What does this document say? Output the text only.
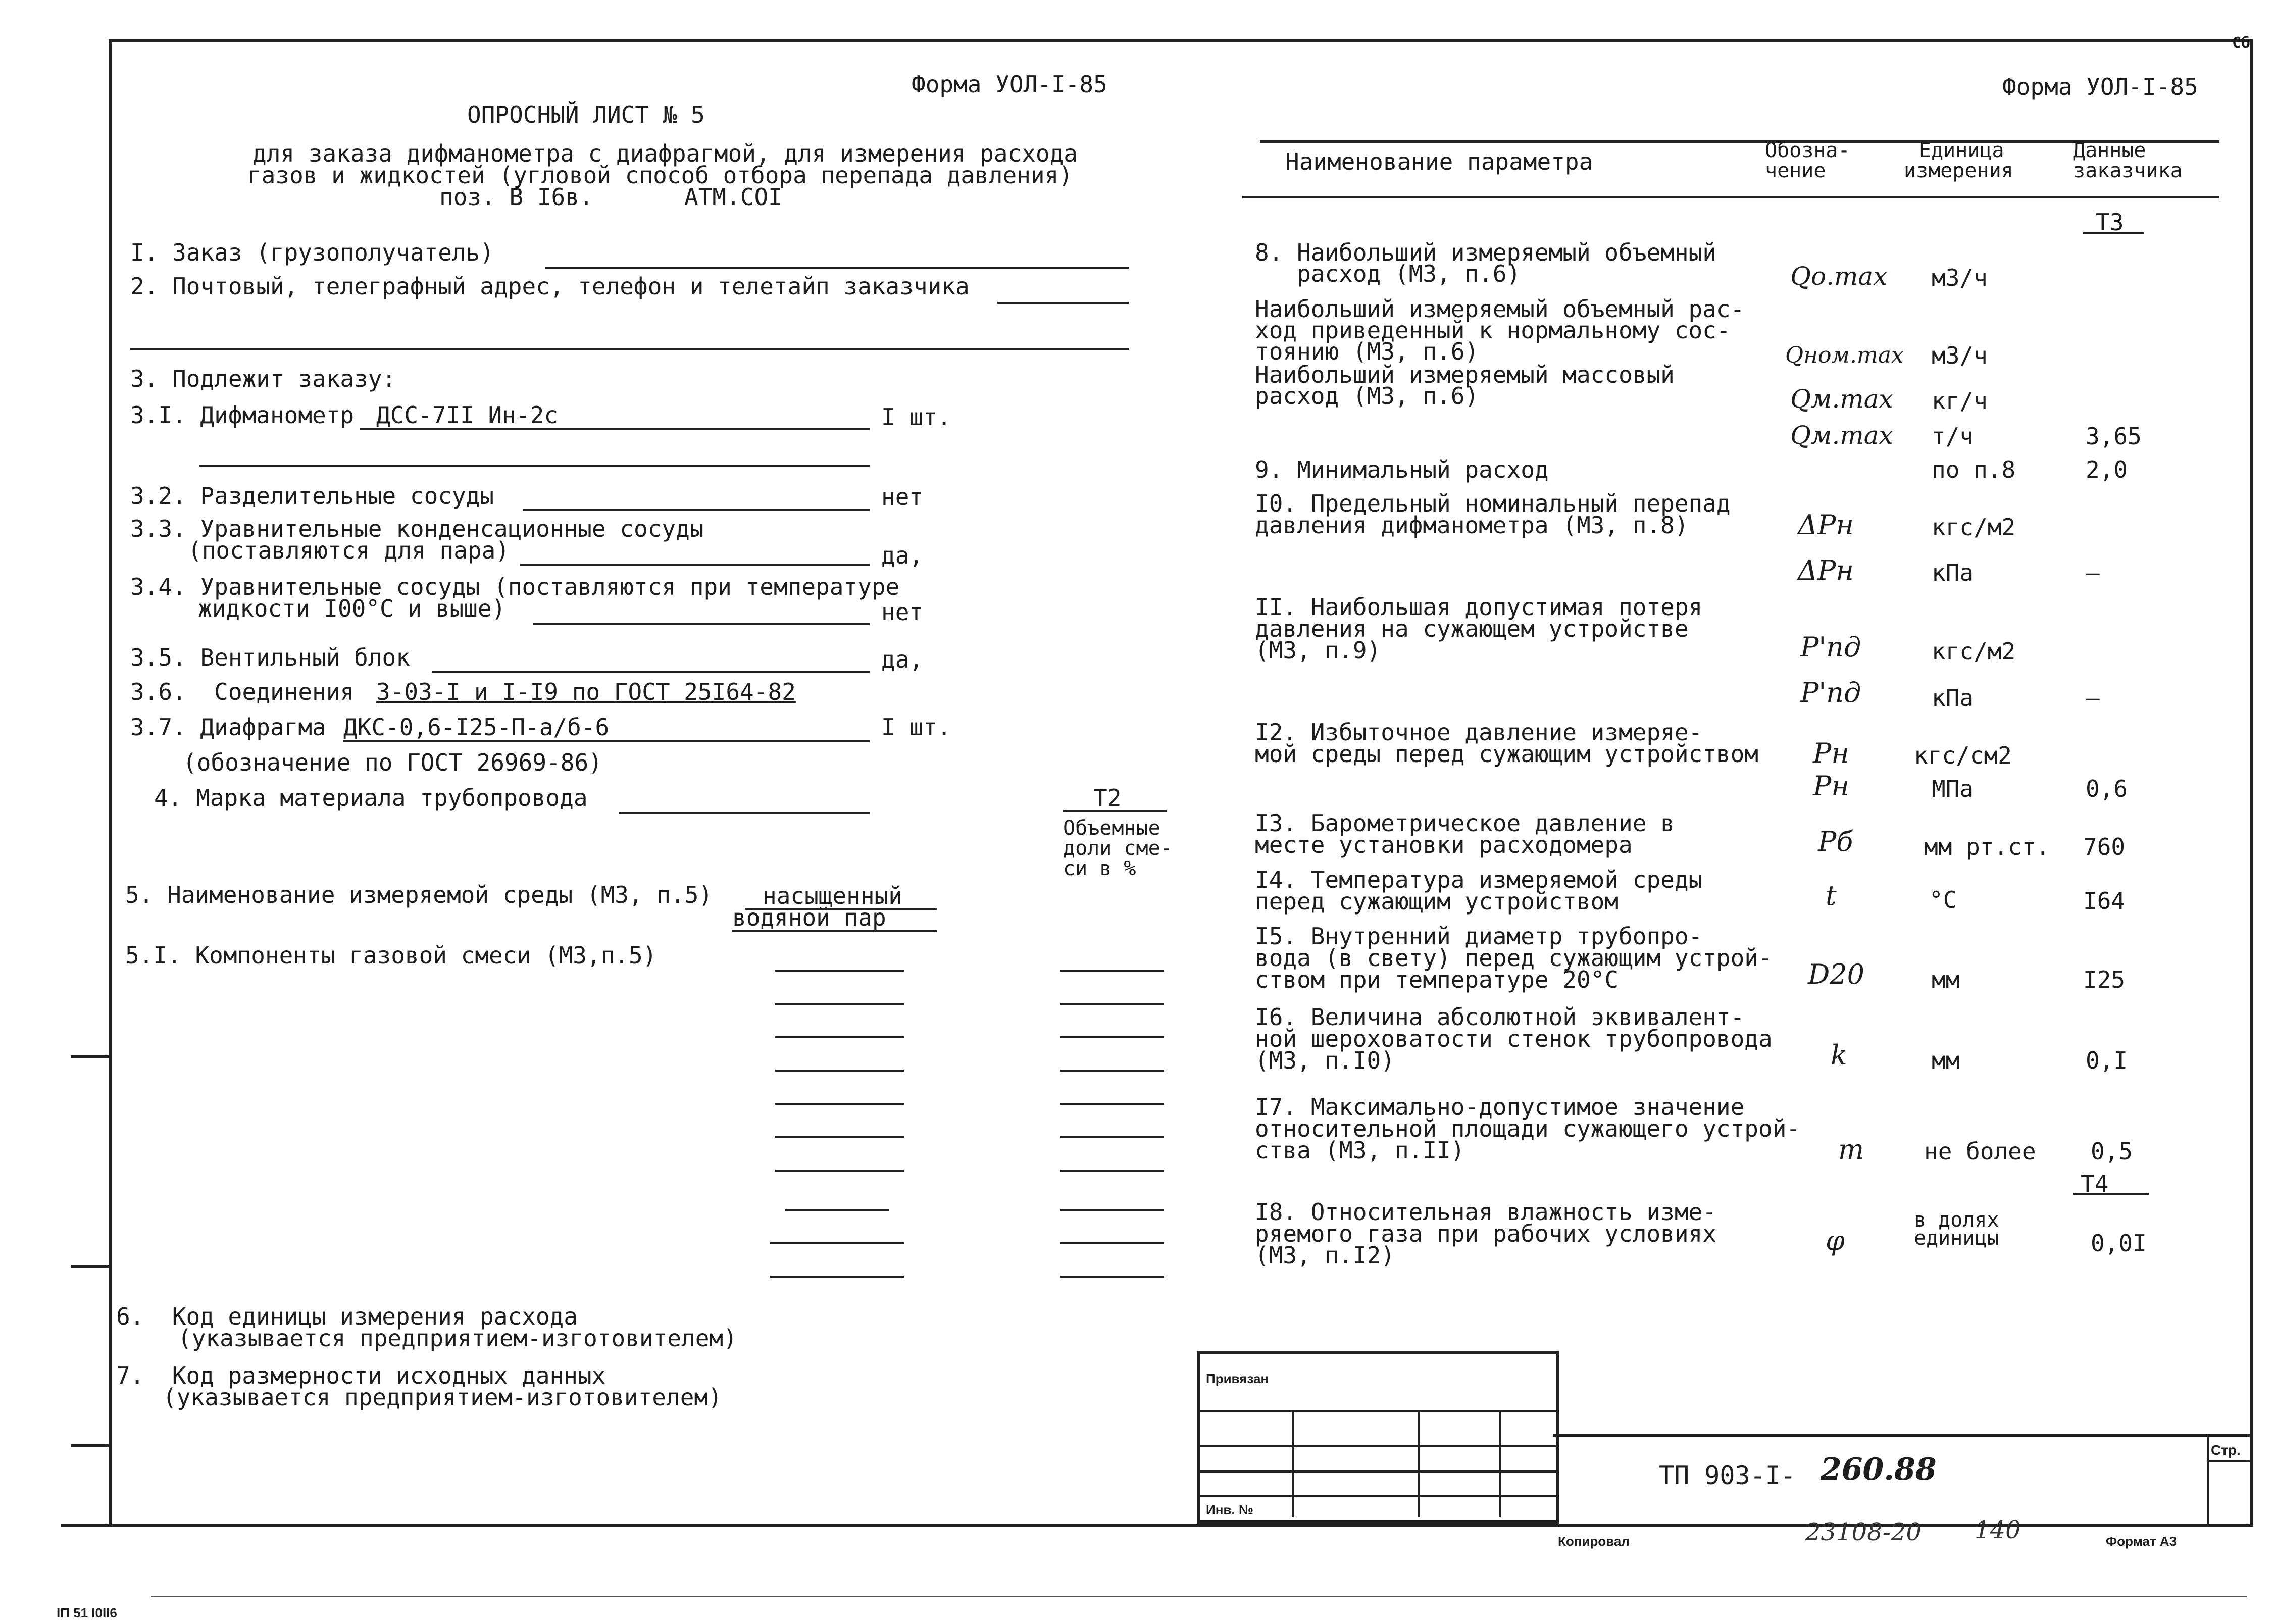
Сб
Форма УОЛ-I-85
ОПРОСНЫЙ ЛИСТ № 5
для заказа дифманометра с диафрагмой, для измерения расхода
газов и жидкостей (угловой способ отбора перепада давления)
поз. В I6в.	АТМ.СОI
I. Заказ (грузополучатель)
2. Почтовый, телеграфный адрес, телефон и телетайп заказчика
3. Подлежит заказу:
3.I. Дифманометр ДСС-7II Ин-2с	I шт.
3.2. Разделительные сосуды	нет
3.3. Уравнительные конденсационные сосуды
(поставляются для пара)	да,
3.4. Уравнительные сосуды (поставляются при температуре
жидкости I00°С и выше)	нет
3.5. Вентильный блок	да,
3.6.  Соединения 3-03-I и I-I9 по ГОСТ 25I64-82
3.7. Диафрагма ДКС-0,6-I25-П-а/б-6	I шт.
(обозначение по ГОСТ 26969-86)
4. Марка материала трубопровода	Т2
Объемные
доли сме-
си в %
5. Наименование измеряемой среды (МЗ, п.5) насыщенный
водяной пар
5.I. Компоненты газовой смеси (МЗ,п.5)
6.  Код единицы измерения расхода
(указывается предприятием-изготовителем)
7.  Код размерности исходных данных
(указывается предприятием-изготовителем)
Форма УОЛ-I-85
Наименование параметра	Обозна-
чение
Единица
измерения
Данные
заказчика
Т3
8. Наибольший измеряемый объемный
расход (МЗ, п.6)	Qо.max м3/ч
Наибольший измеряемый объемный рас-
ход приведенный к нормальному сос-
тоянию (МЗ, п.6)	Qном.max м3/ч
Наибольший измеряемый массовый
расход (МЗ, п.6)	Qм.max кг/ч
Qм.max т/ч	3,65
9. Минимальный расход	по п.8	2,0
I0. Предельный номинальный перепад
давления дифманометра (МЗ, п.8)	ΔPн	кгс/м2
ΔPн	кПа	–
II. Наибольшая допустимая потеря
давления на сужающем устройстве
(МЗ, п.9)	P'пд	кгс/м2
P'пд	кПа	–
I2. Избыточное давление измеряе-
мой среды перед сужающим устройством Pн	кгс/см2
Pн	МПа	0,6
I3. Барометрическое давление в
месте установки расходомера	Pб	мм рт.ст. 760
I4. Температура измеряемой среды
перед сужающим устройством	t	°С	I64
I5. Внутренний диаметр трубопро-
вода (в свету) перед сужающим устрой-
ством при температуре 20°С	D20	мм	I25
I6. Величина абсолютной эквивалент-
ной шероховатости стенок трубопровода
(МЗ, п.I0)	k	мм	0,I
I7. Максимально-допустимое значение
относительной площади сужающего устрой-
ства (МЗ, п.II)	m	не более 0,5
Т4
I8. Относительная влажность изме-
ряемого газа при рабочих условиях
(МЗ, п.I2)	φ
в долях единицы	0,0I
Привязан
Инв. №
Стр.
ТП 903-I- 260.88
Копировал	23108-20 140	Формат А3
IП 51 I0II6
